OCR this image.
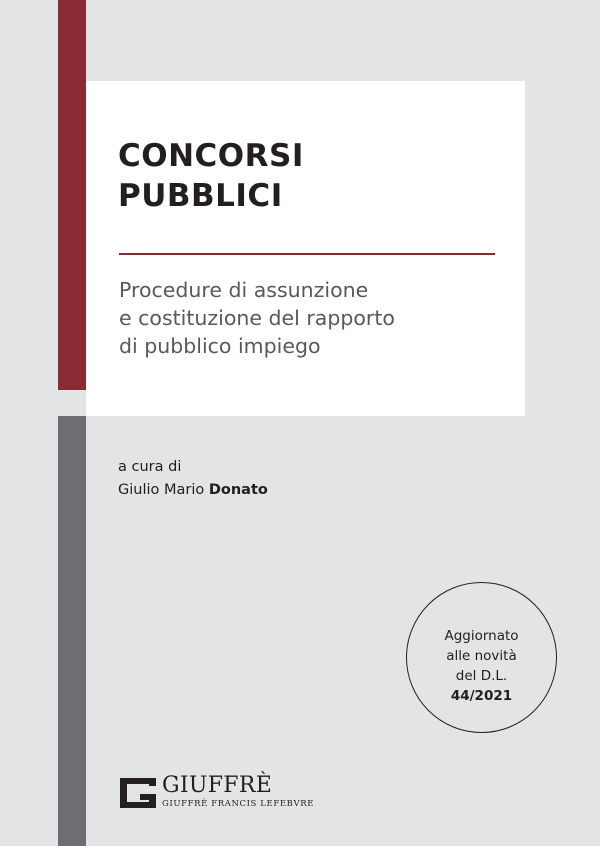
CONCORSI
PUBBLICI
Procedure di assunzione
e costituzione del rapporto
di pubblico impiego
a cura di
Giulio Mario Donato
Aggiornato
alle novità
del D.L.
44/2021
GIUFFRÈ
GIUFFRÈ FRANCIS LEFEBVRE
